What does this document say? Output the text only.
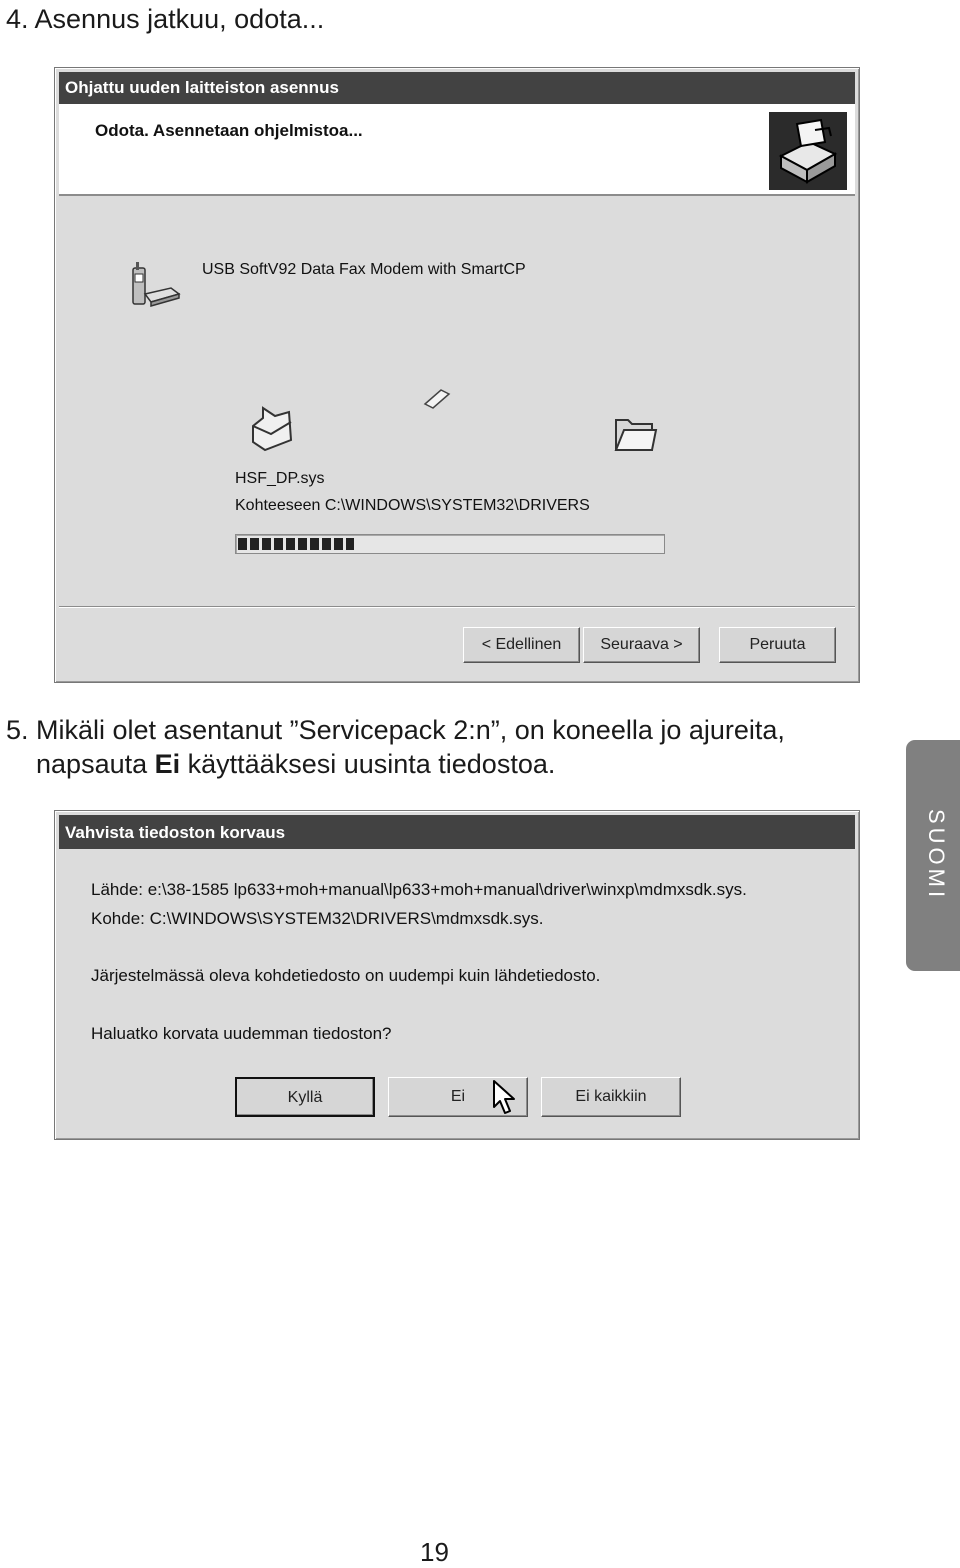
4. Asennus jatkuu, odota...
Ohjattu uuden laitteiston asennus
Odota. Asennetaan ohjelmistoa...
USB SoftV92 Data Fax Modem with SmartCP
HSF_DP.sys
Kohteeseen C:\WINDOWS\SYSTEM32\DRIVERS
< Edellinen	Seuraava >	Peruuta
5. Mikäli olet asentanut ”Servicepack 2:n”, on koneella jo ajureita,
napsauta Ei käyttääksesi uusinta tiedostoa.
Vahvista tiedoston korvaus
Lähde: e:\38-1585 lp633+moh+manual\lp633+moh+manual\driver\winxp\mdmxsdk.sys.
Kohde: C:\WINDOWS\SYSTEM32\DRIVERS\mdmxsdk.sys.
Järjestelmässä oleva kohdetiedosto on uudempi kuin lähdetiedosto.
Haluatko korvata uudemman tiedoston?
Kyllä	Ei	Ei kaikkiin
SUOMI
19
